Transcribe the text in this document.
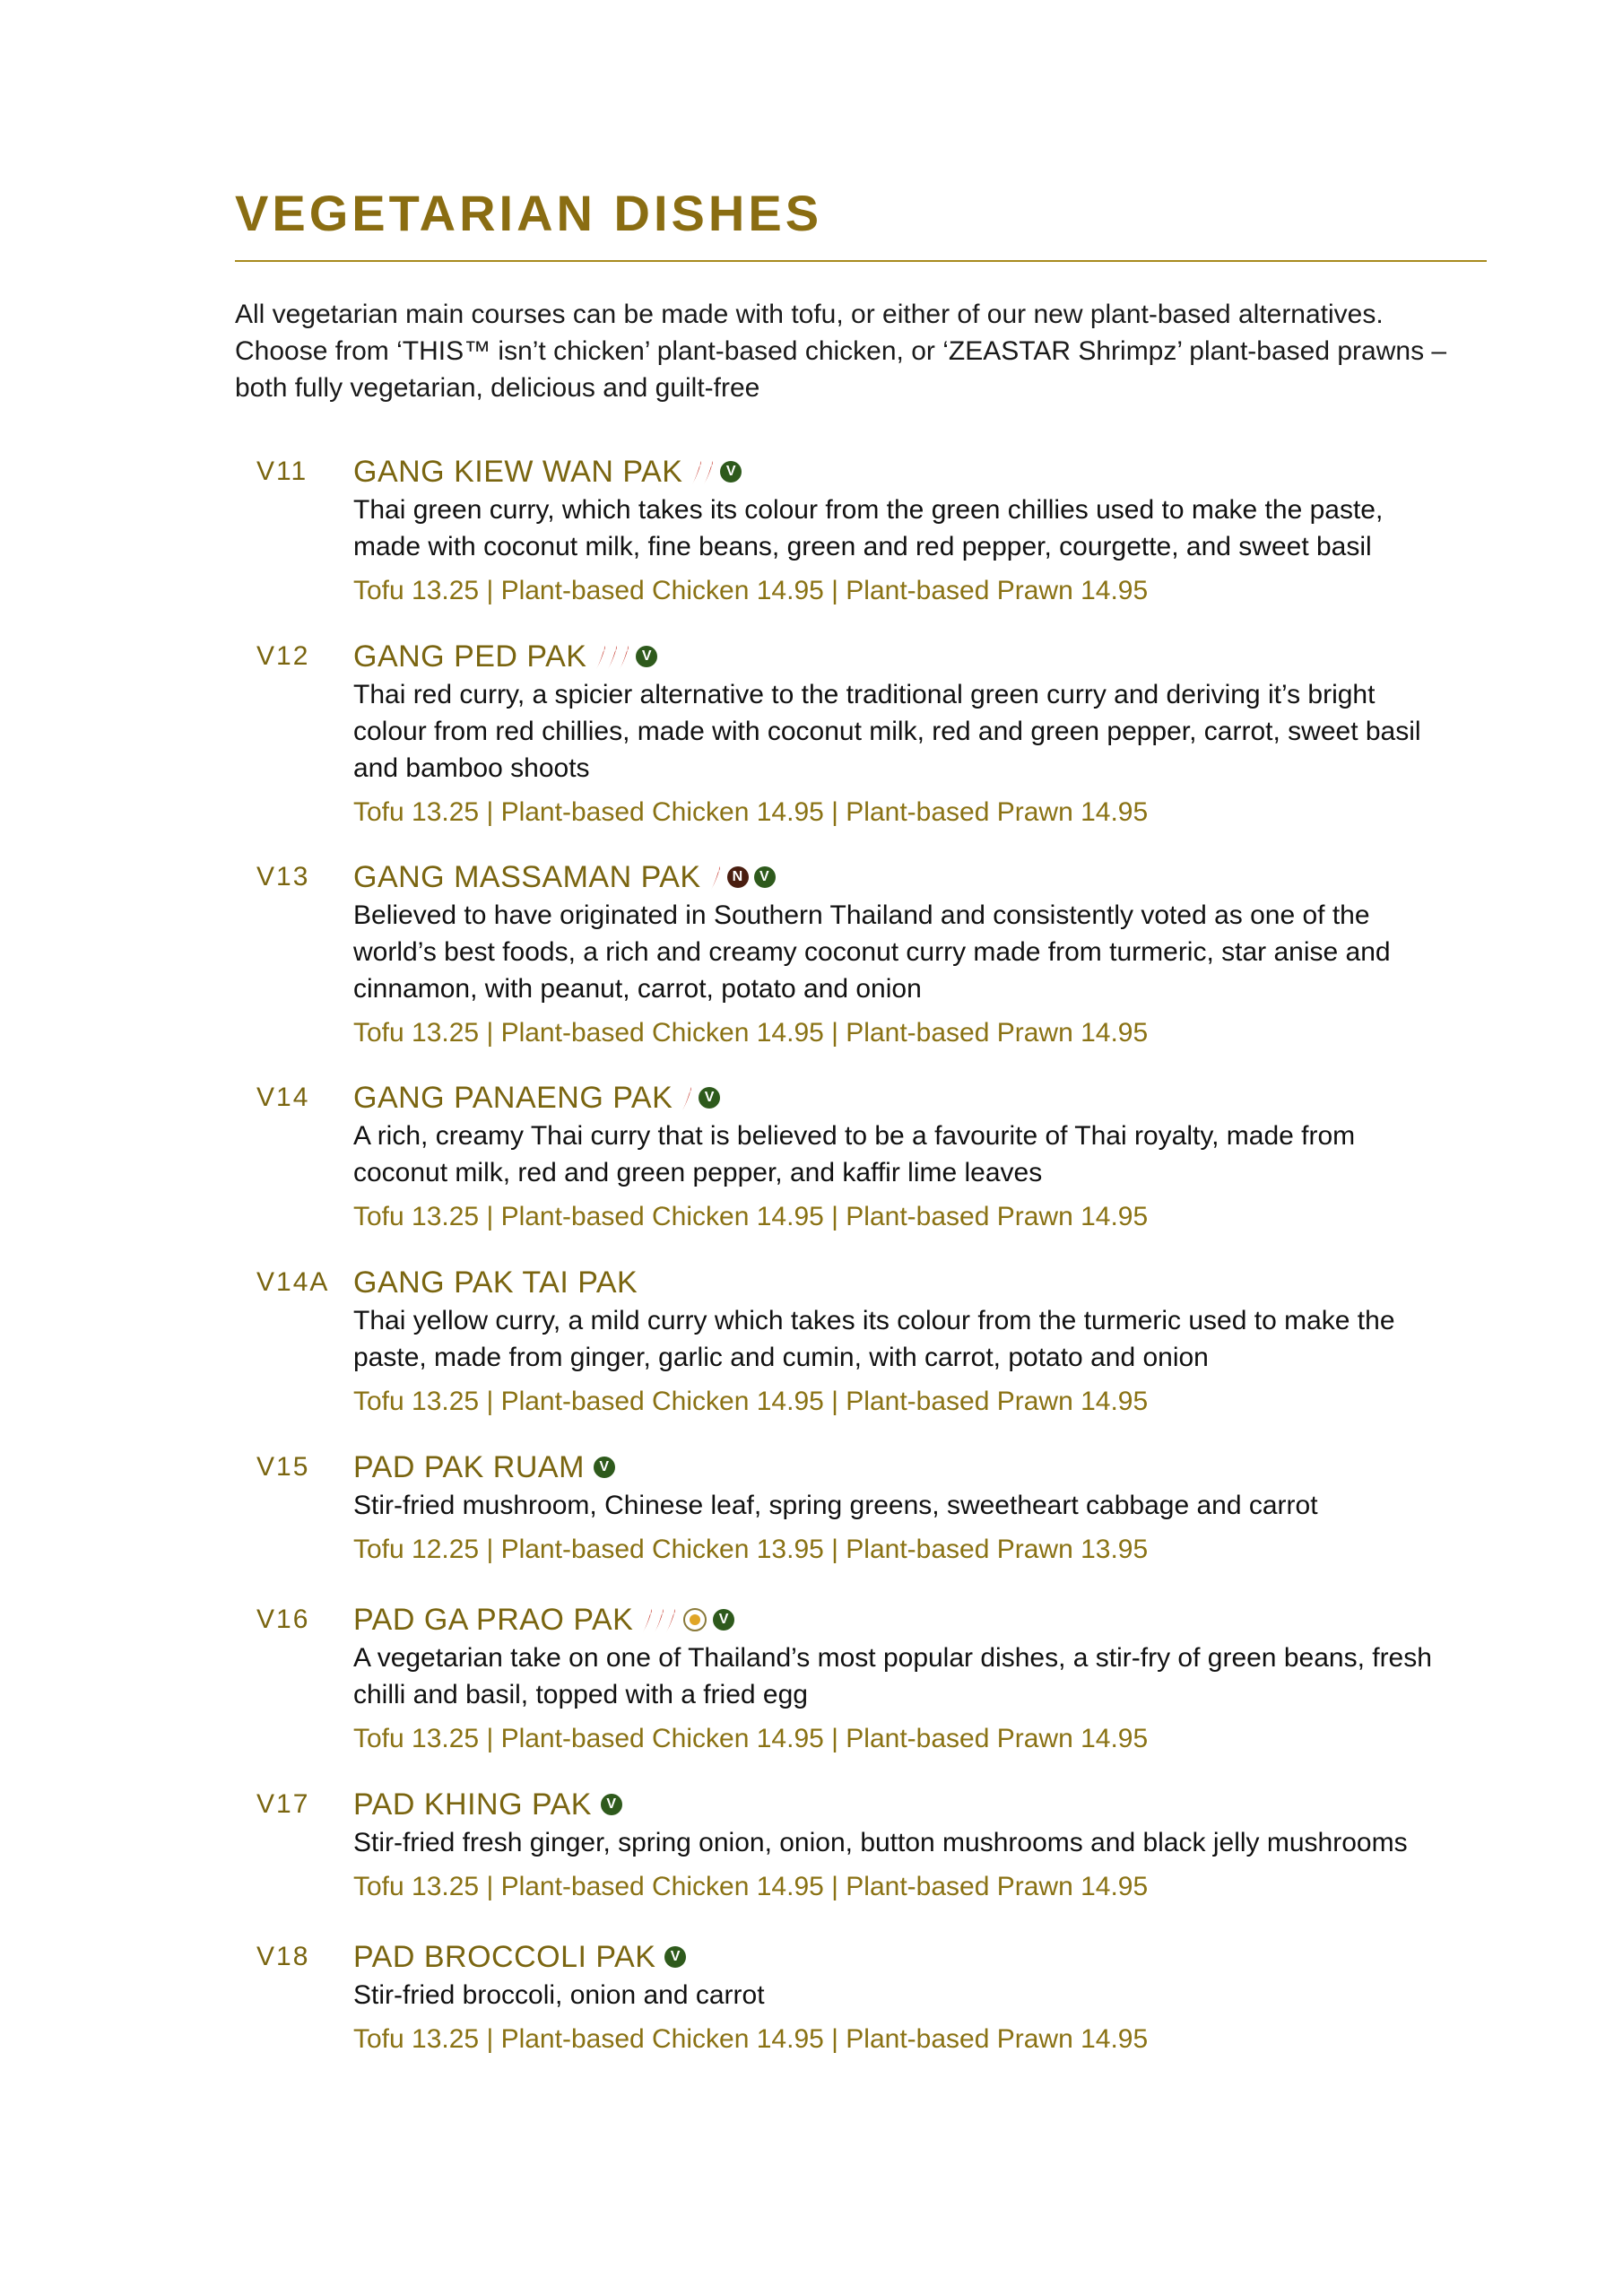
VEGETARIAN DISHES
All vegetarian main courses can be made with tofu, or either of our new plant-based alternatives.
Choose from ‘THIS™ isn’t chicken’ plant-based chicken, or ‘ZEASTAR Shrimpz’ plant-based prawns –
both fully vegetarian, delicious and guilt-free
V11 GANG KIEW WAN PAK	V
Thai green curry, which takes its colour from the green chillies used to make the paste,
made with coconut milk, fine beans, green and red pepper, courgette, and sweet basil
Tofu 13.25 | Plant-based Chicken 14.95 | Plant-based Prawn 14.95
V12 GANG PED PAK	V
Thai red curry, a spicier alternative to the traditional green curry and deriving it’s bright
colour from red chillies, made with coconut milk, red and green pepper, carrot, sweet basil
and bamboo shoots
Tofu 13.25 | Plant-based Chicken 14.95 | Plant-based Prawn 14.95
V13 GANG MASSAMAN PAK	N	V
Believed to have originated in Southern Thailand and consistently voted as one of the
world’s best foods, a rich and creamy coconut curry made from turmeric, star anise and
cinnamon, with peanut, carrot, potato and onion
Tofu 13.25 | Plant-based Chicken 14.95 | Plant-based Prawn 14.95
V14 GANG PANAENG PAK	V
A rich, creamy Thai curry that is believed to be a favourite of Thai royalty, made from
coconut milk, red and green pepper, and kaffir lime leaves
Tofu 13.25 | Plant-based Chicken 14.95 | Plant-based Prawn 14.95
V14A GANG PAK TAI PAK
Thai yellow curry, a mild curry which takes its colour from the turmeric used to make the
paste, made from ginger, garlic and cumin, with carrot, potato and onion
Tofu 13.25 | Plant-based Chicken 14.95 | Plant-based Prawn 14.95
V15 PAD PAK RUAM	V
Stir-fried mushroom, Chinese leaf, spring greens, sweetheart cabbage and carrot
Tofu 12.25 | Plant-based Chicken 13.95 | Plant-based Prawn 13.95
V16 PAD GA PRAO PAK	V
A vegetarian take on one of Thailand’s most popular dishes, a stir-fry of green beans, fresh
chilli and basil, topped with a fried egg
Tofu 13.25 | Plant-based Chicken 14.95 | Plant-based Prawn 14.95
V17 PAD KHING PAK	V
Stir-fried fresh ginger, spring onion, onion, button mushrooms and black jelly mushrooms
Tofu 13.25 | Plant-based Chicken 14.95 | Plant-based Prawn 14.95
V18 PAD BROCCOLI PAK	V
Stir-fried broccoli, onion and carrot
Tofu 13.25 | Plant-based Chicken 14.95 | Plant-based Prawn 14.95
